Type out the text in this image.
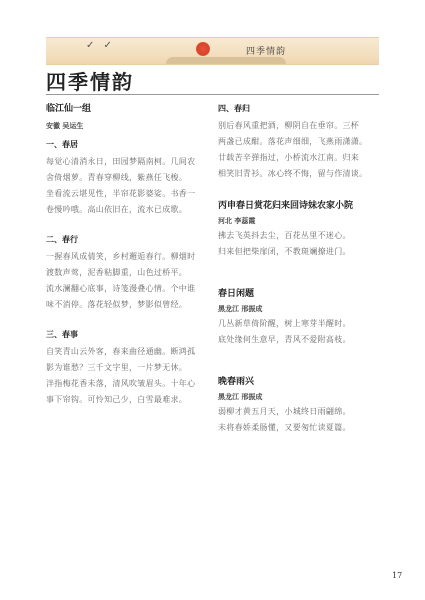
✓ ✓
四季情韵
四季情韵

临江仙一组

安徽 吴运生

一、春居

每觉心清消永日，田园梦隔南柯。几间农
舍倚烟萝。青春穿柳线，紫燕任飞梭。
坐看流云堪见性，半帘花影婆娑。书香一
卷慢吟哦。高山依旧在，流水已成歌。

二、春行

一握春风成倩笑，乡村邂逅春行。柳烟时
渡数声莺，泥香粘脚重，山色过桥平。
流水澜翻心底事，诗笺漫叠心情。个中谁
味不消停。落花轻似梦，梦影似曾经。

三、春事

自笑青山云外客，春来曲径通幽。断鸿孤
影为谁愁？三千文字里，一片梦无休。
泮指梅花香未落，清风吹皱眉头。十年心
事下帘钩。可怜知己少，白雪最难求。

四、春归

别后春风重把酒，柳阴自在垂帘。三杯
两盏已成酣。落花声细细，飞燕雨潇潇。
廿载苦辛弹指过，小桥流水江南。归来
相笑旧青衫。冰心终不悔，留与作清谈。

丙申春日赏花归来回诗妹农家小院

河北 李蕊霞

拂去飞英抖去尘，百花丛里不迷心。
归来但把柴扉闭，不教斑斓撩进门。

春日闲题

黑龙江 邢振成

几丛新草倚阶醒，树上寒芽半醒时。
底处缘何生意早，青风不爱附高枝。

晚春雨兴

黑龙江 邢振成

弱柳才黄五月天，小城终日雨翩绵。
未将春娇柔肠懂，又要匆忙读夏篇。
17
